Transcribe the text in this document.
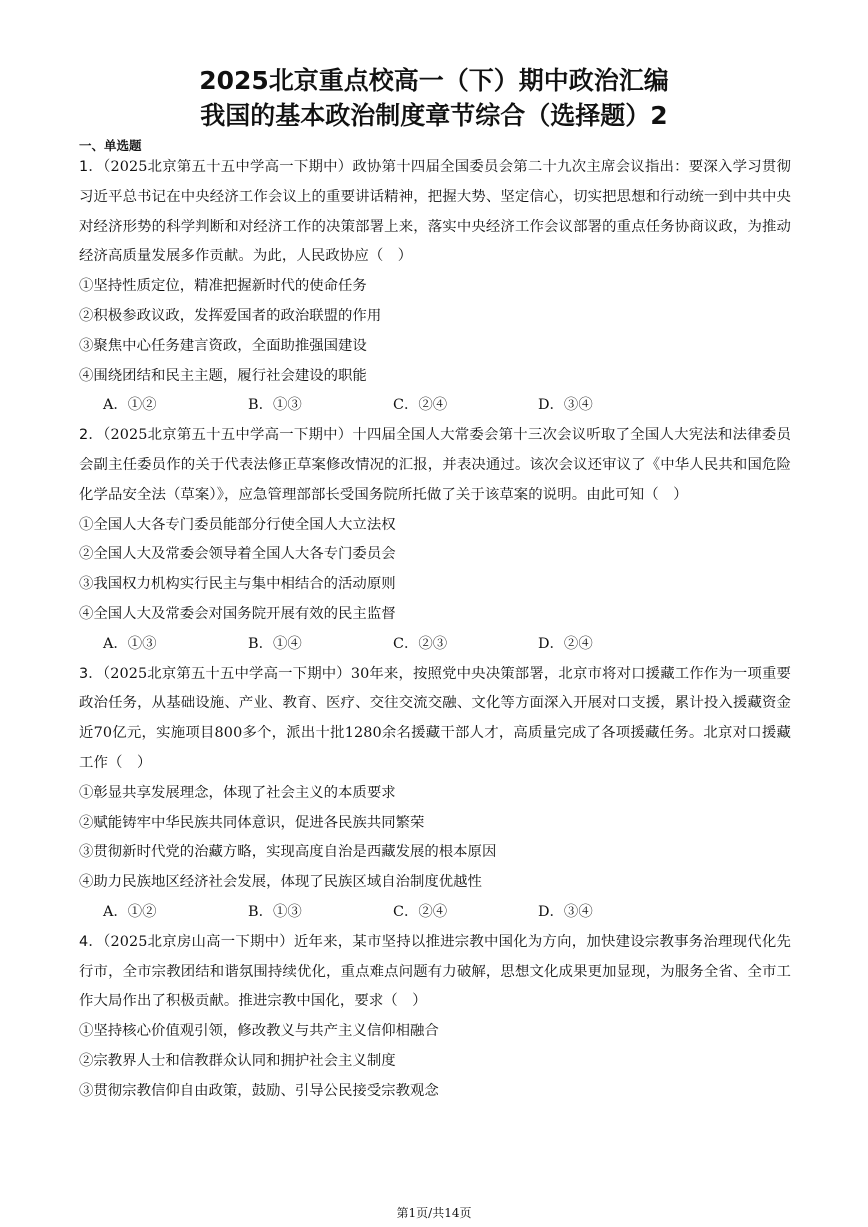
2025北京重点校高一（下）期中政治汇编
我国的基本政治制度章节综合（选择题）2
一、单选题

1．（2025北京第五十五中学高一下期中）政协第十四届全国委员会第二十九次主席会议指出：要深入学习贯彻习近平总书记在中央经济工作会议上的重要讲话精神，把握大势、坚定信心，切实把思想和行动统一到中共中央对经济形势的科学判断和对经济工作的决策部署上来，落实中央经济工作会议部署的重点任务协商议政，为推动经济高质量发展多作贡献。为此，人民政协应（　）

①坚持性质定位，精准把握新时代的使命任务

②积极参政议政，发挥爱国者的政治联盟的作用

③聚焦中心任务建言资政，全面助推强国建设

④围绕团结和民主主题，履行社会建设的职能

A．①②	B．①③	C．②④	D．③④

2．（2025北京第五十五中学高一下期中）十四届全国人大常委会第十三次会议听取了全国人大宪法和法律委员会副主任委员作的关于代表法修正草案修改情况的汇报，并表决通过。该次会议还审议了《中华人民共和国危险化学品安全法（草案）》，应急管理部部长受国务院所托做了关于该草案的说明。由此可知（　）

①全国人大各专门委员能部分行使全国人大立法权

②全国人大及常委会领导着全国人大各专门委员会

③我国权力机构实行民主与集中相结合的活动原则

④全国人大及常委会对国务院开展有效的民主监督

A．①③	B．①④	C．②③	D．②④

3．（2025北京第五十五中学高一下期中）30年来，按照党中央决策部署，北京市将对口援藏工作作为一项重要政治任务，从基础设施、产业、教育、医疗、交往交流交融、文化等方面深入开展对口支援，累计投入援藏资金近70亿元，实施项目800多个，派出十批1280余名援藏干部人才，高质量完成了各项援藏任务。北京对口援藏工作（　）

①彰显共享发展理念，体现了社会主义的本质要求

②赋能铸牢中华民族共同体意识，促进各民族共同繁荣

③贯彻新时代党的治藏方略，实现高度自治是西藏发展的根本原因

④助力民族地区经济社会发展，体现了民族区域自治制度优越性

A．①②	B．①③	C．②④	D．③④

4．（2025北京房山高一下期中）近年来，某市坚持以推进宗教中国化为方向，加快建设宗教事务治理现代化先行市，全市宗教团结和谐氛围持续优化，重点难点问题有力破解，思想文化成果更加显现，为服务全省、全市工作大局作出了积极贡献。推进宗教中国化，要求（　）

①坚持核心价值观引领，修改教义与共产主义信仰相融合

②宗教界人士和信教群众认同和拥护社会主义制度

③贯彻宗教信仰自由政策，鼓励、引导公民接受宗教观念

第1页/共14页
